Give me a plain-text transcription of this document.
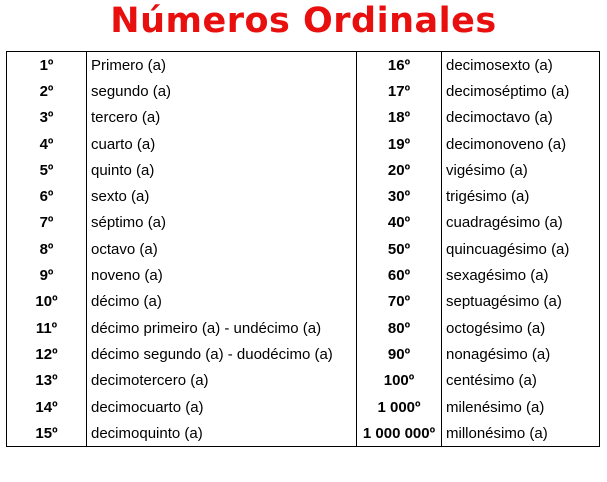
Números Ordinales
1º	Primero (a)	16º	decimosexto (a)
2º	segundo (a)	17º	decimoséptimo (a)
3º	tercero (a)	18º	decimoctavo (a)
4º	cuarto (a)	19º	decimonoveno (a)
5º	quinto (a)	20º	vigésimo (a)
6º	sexto (a)	30º	trigésimo (a)
7º	séptimo (a)	40º	cuadragésimo (a)
8º	octavo (a)	50º	quincuagésimo (a)
9º	noveno (a)	60º	sexagésimo (a)
10º	décimo (a)	70º	septuagésimo (a)
11º	décimo primeiro (a) - undécimo (a)	80º	octogésimo (a)
12º	décimo segundo (a) - duodécimo (a)	90º	nonagésimo (a)
13º	decimotercero (a)	100º	centésimo (a)
14º	decimocuarto (a)	1 000º	milenésimo (a)
15º	decimoquinto (a)	1 000 000º	millonésimo (a)
